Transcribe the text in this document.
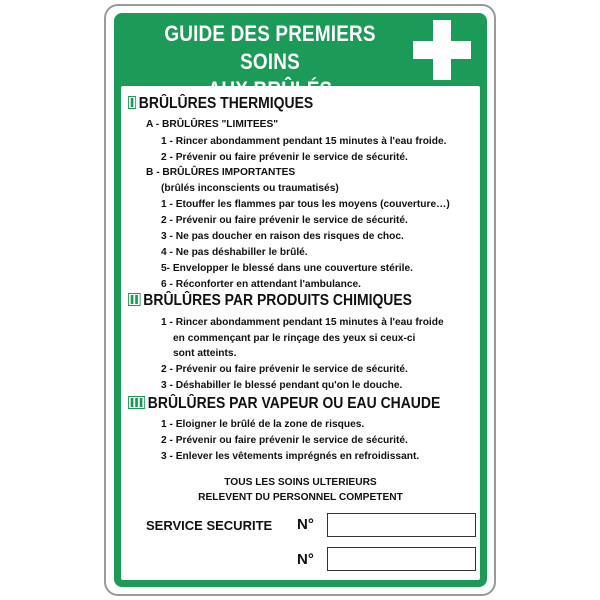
GUIDE DES PREMIERS SOINS
BRÛLÛRES THERMIQUES
A - BRÛLÛRES "LIMITEES"
1 - Rincer abondamment pendant 15 minutes à l'eau froide.
2 - Prévenir ou faire prévenir le service de sécurité.
B - BRÛLÛRES IMPORTANTES
(brûlés inconscients ou traumatisés)
1 - Etouffer les flammes par tous les moyens (couverture…)
2 - Prévenir ou faire prévenir le service de sécurité.
3 - Ne pas doucher en raison des risques de choc.
4 - Ne pas déshabiller le brûlé.
5- Envelopper le blessé dans une couverture stérile.
6 - Réconforter en attendant l'ambulance.
BRÛLÛRES PAR PRODUITS CHIMIQUES
1 - Rincer abondamment pendant 15 minutes à l'eau froide
en commençant par le rinçage des yeux si ceux-ci
sont atteints.
2 - Prévenir ou faire prévenir le service de sécurité.
3 - Déshabiller le blessé pendant qu'on le douche.
BRÛLÛRES PAR VAPEUR OU EAU CHAUDE
1 - Eloigner le brûlé de la zone de risques.
2 - Prévenir ou faire prévenir le service de sécurité.
3 - Enlever les vêtements imprégnés en refroidissant.
TOUS LES SOINS ULTERIEURS
RELEVENT DU PERSONNEL COMPETENT
SERVICE SECURITE N°
N°
